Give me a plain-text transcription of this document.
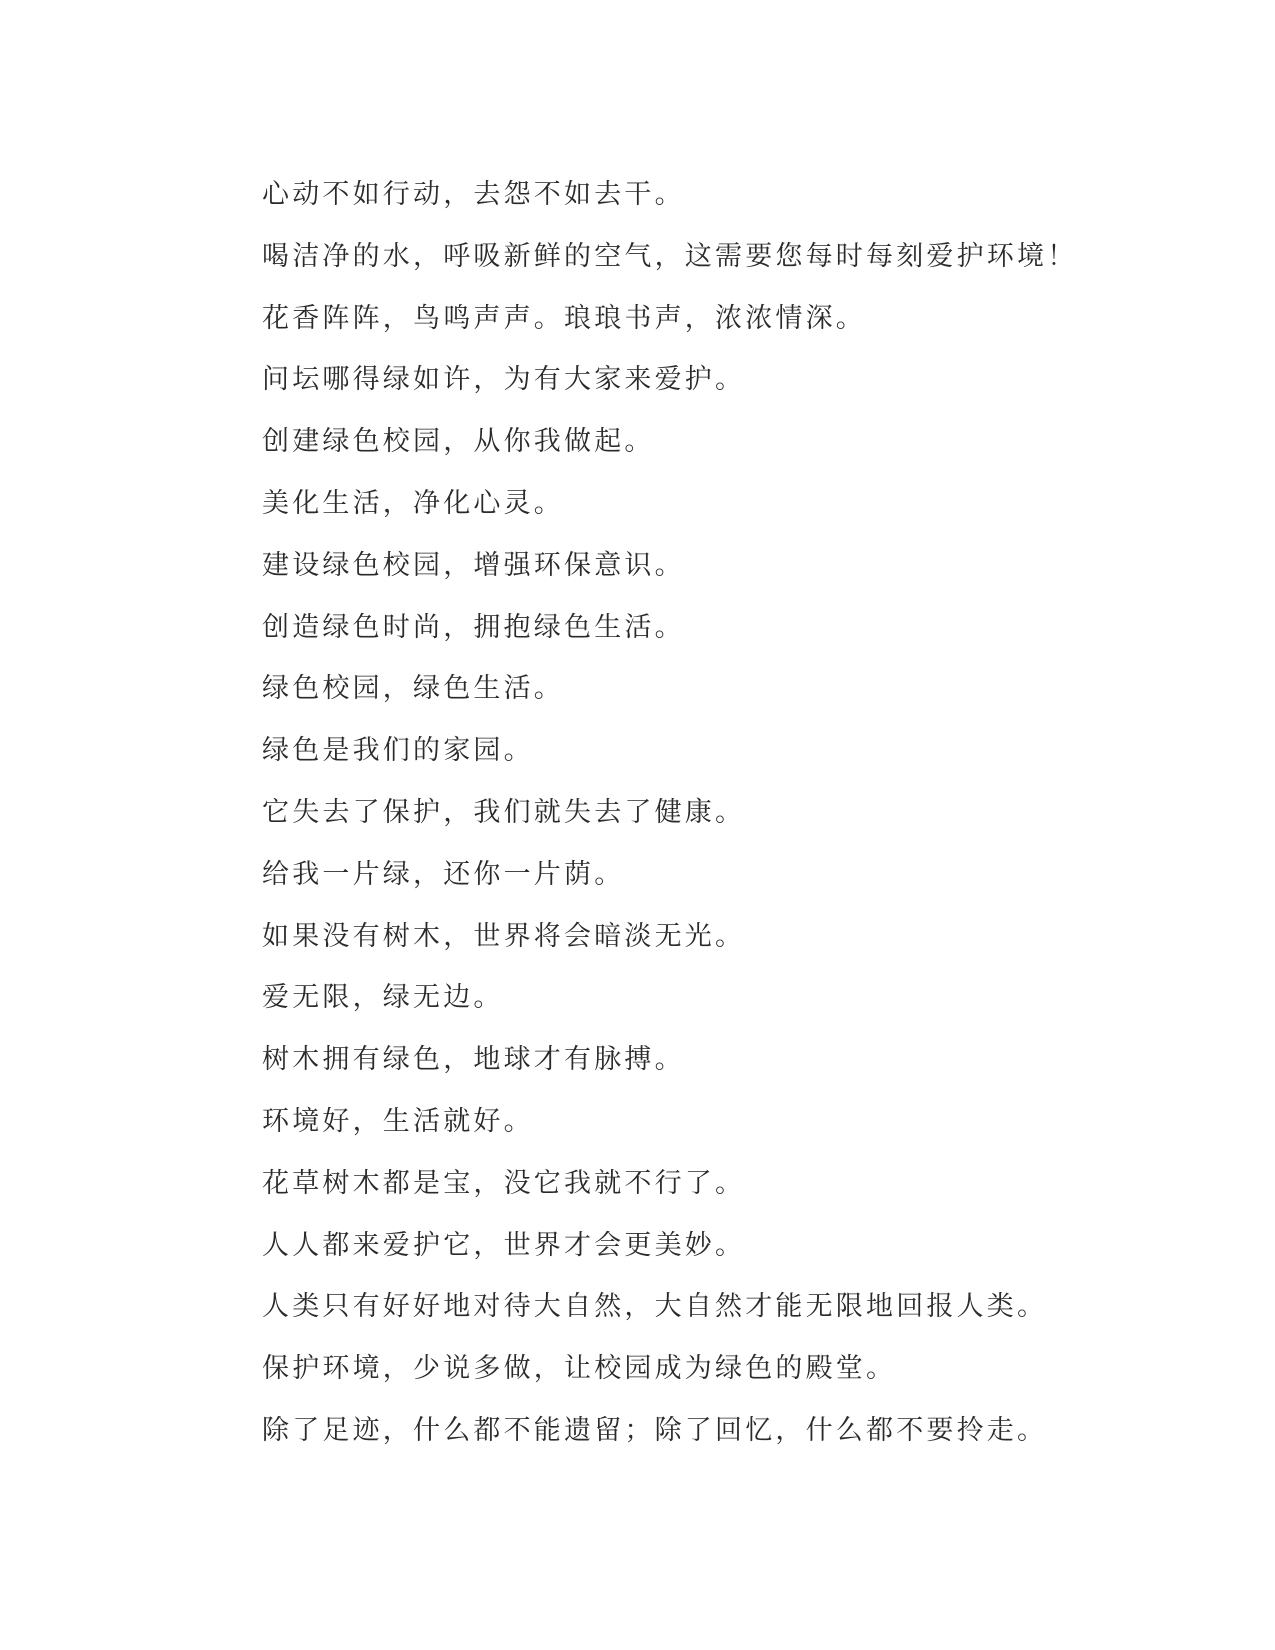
心动不如行动，去怨不如去干。

喝洁净的水，呼吸新鲜的空气，这需要您每时每刻爱护环境！

花香阵阵，鸟鸣声声。琅琅书声，浓浓情深。

问坛哪得绿如许，为有大家来爱护。

创建绿色校园，从你我做起。

美化生活，净化心灵。

建设绿色校园，增强环保意识。

创造绿色时尚，拥抱绿色生活。

绿色校园，绿色生活。

绿色是我们的家园。

它失去了保护，我们就失去了健康。

给我一片绿，还你一片荫。

如果没有树木，世界将会暗淡无光。

爱无限，绿无边。

树木拥有绿色，地球才有脉搏。

环境好，生活就好。

花草树木都是宝，没它我就不行了。

人人都来爱护它，世界才会更美妙。

人类只有好好地对待大自然，大自然才能无限地回报人类。

保护环境，少说多做，让校园成为绿色的殿堂。

除了足迹，什么都不能遗留；除了回忆，什么都不要拎走。
